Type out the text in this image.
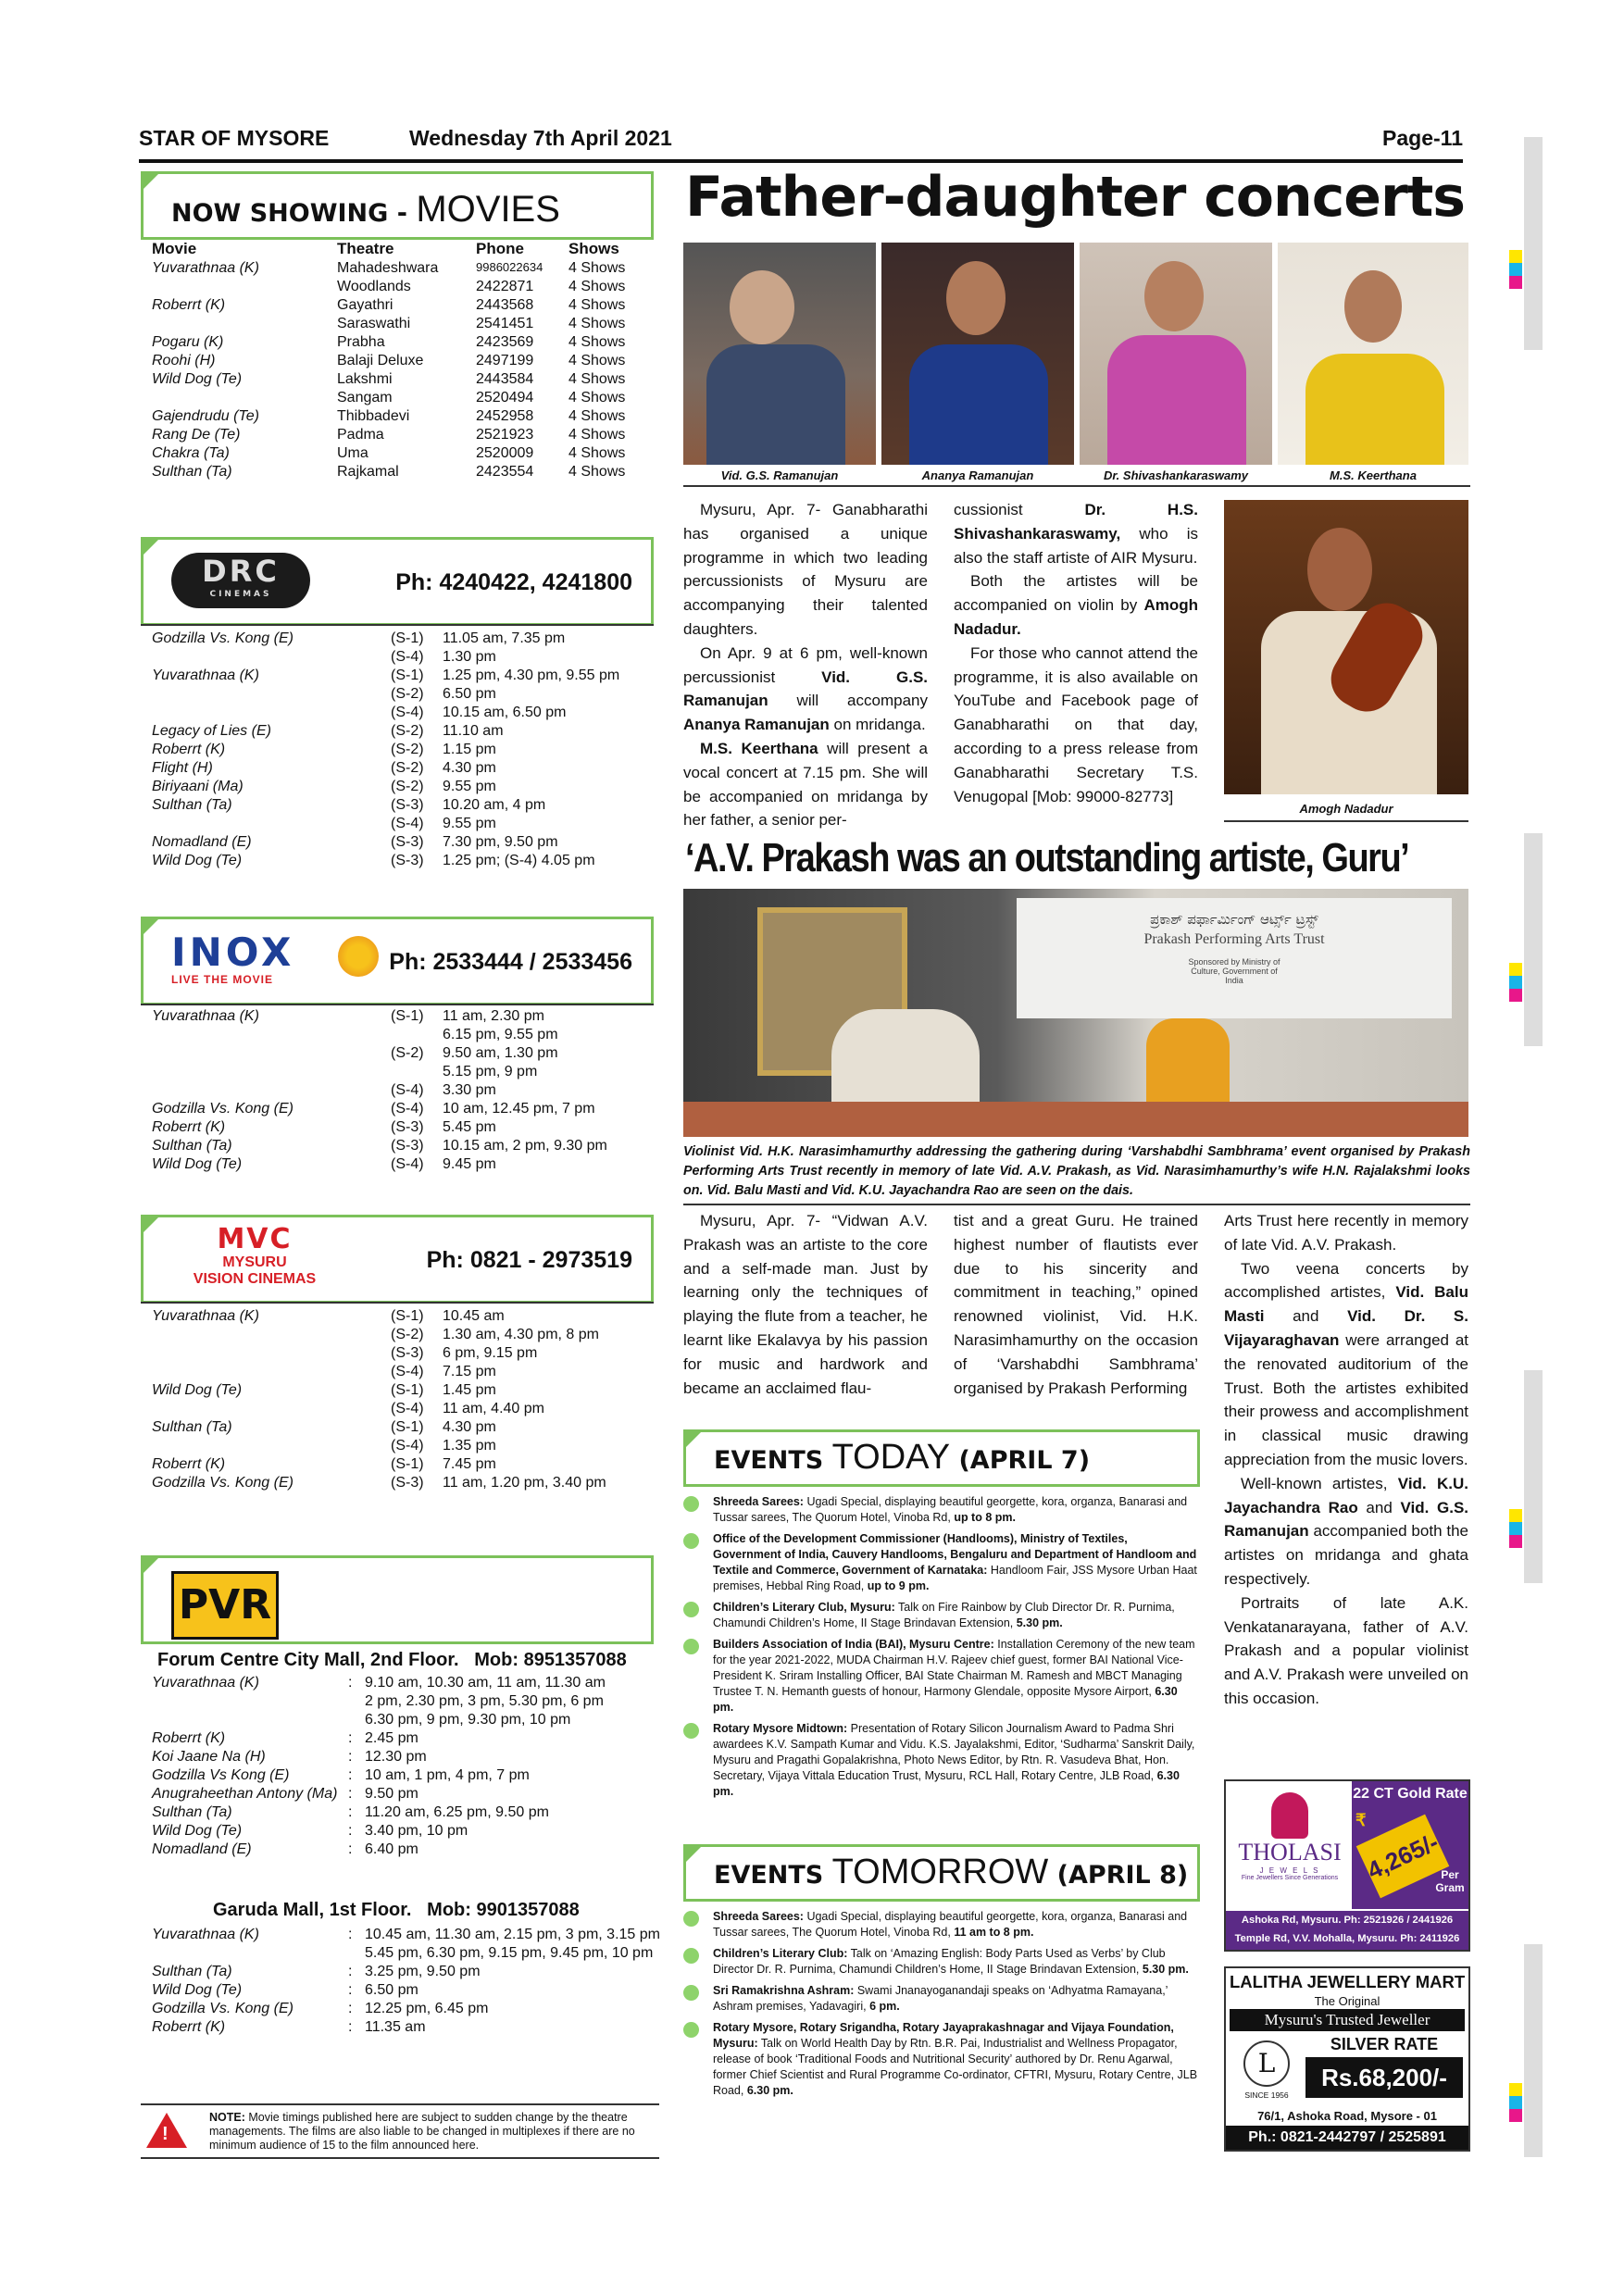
STAR OF MYSORE	Wednesday 7th April 2021	Page-11
NOW SHOWING - MOVIES
Movie	Theatre	Phone	Shows
Yuvarathnaa (K)	Mahadeshwara	9986022634	4 Shows
	Woodlands	2422871	4 Shows
Roberrt (K)	Gayathri	2443568	4 Shows
	Saraswathi	2541451	4 Shows
Pogaru (K)	Prabha	2423569	4 Shows
Roohi (H)	Balaji Deluxe	2497199	4 Shows
Wild Dog (Te)	Lakshmi	2443584	4 Shows
	Sangam	2520494	4 Shows
Gajendrudu (Te)	Thibbadevi	2452958	4 Shows
Rang De (Te)	Padma	2521923	4 Shows
Chakra (Ta)	Uma	2520009	4 Shows
Sulthan (Ta)	Rajkamal	2423554	4 Shows
DRC
CINEMAS	Ph: 4240422, 4241800
Godzilla Vs. Kong (E)	(S-1)	11.05 am, 7.35 pm
	(S-4)	1.30 pm
Yuvarathnaa (K)	(S-1)	1.25 pm, 4.30 pm, 9.55 pm
	(S-2)	6.50 pm
	(S-4)	10.15 am, 6.50 pm
Legacy of Lies (E)	(S-2)	11.10 am
Roberrt (K)	(S-2)	1.15 pm
Flight (H)	(S-2)	4.30 pm
Biriyaani (Ma)	(S-2)	9.55 pm
Sulthan (Ta)	(S-3)	10.20 am, 4 pm
	(S-4)	9.55 pm
Nomadland (E)	(S-3)	7.30 pm, 9.50 pm
Wild Dog (Te)	(S-3)	1.25 pm; (S-4) 4.05 pm
INOX
LIVE THE MOVIE
Ph: 2533444 / 2533456
Yuvarathnaa (K)	(S-1)	11 am, 2.30 pm
		6.15 pm, 9.55 pm
	(S-2)	9.50 am, 1.30 pm
		5.15 pm, 9 pm
	(S-4)	3.30 pm
Godzilla Vs. Kong (E)	(S-4)	10 am, 12.45 pm, 7 pm
Roberrt (K)	(S-3)	5.45 pm
Sulthan (Ta)	(S-3)	10.15 am, 2 pm, 9.30 pm
Wild Dog (Te)	(S-4)	9.45 pm
MVC
MYSURU
VISION CINEMAS
Ph: 0821 - 2973519
Yuvarathnaa (K)	(S-1)	10.45 am
	(S-2)	1.30 am, 4.30 pm, 8 pm
	(S-3)	6 pm, 9.15 pm
	(S-4)	7.15 pm
Wild Dog (Te)	(S-1)	1.45 pm
	(S-4)	11 am, 4.40 pm
Sulthan (Ta)	(S-1)	4.30 pm
	(S-4)	1.35 pm
Roberrt (K)	(S-1)	7.45 pm
Godzilla Vs. Kong (E)	(S-3)	11 am, 1.20 pm, 3.40 pm
PVR
Forum Centre City Mall, 2nd Floor.   Mob: 8951357088
Yuvarathnaa (K)	:	9.10 am, 10.30 am, 11 am, 11.30 am
		2 pm, 2.30 pm, 3 pm, 5.30 pm, 6 pm
		6.30 pm, 9 pm, 9.30 pm, 10 pm
Roberrt (K)	:	2.45 pm
Koi Jaane Na (H)	:	12.30 pm
Godzilla Vs Kong (E)	:	10 am, 1 pm, 4 pm, 7 pm
Anugraheethan Antony (Ma)	:	9.50 pm
Sulthan (Ta)	:	11.20 am, 6.25 pm, 9.50 pm
Wild Dog (Te)	:	3.40 pm, 10 pm
Nomadland (E)	:	6.40 pm
Garuda Mall, 1st Floor.   Mob: 9901357088
Yuvarathnaa (K)	:	10.45 am, 11.30 am, 2.15 pm, 3 pm, 3.15 pm
		5.45 pm, 6.30 pm, 9.15 pm, 9.45 pm, 10 pm
Sulthan (Ta)	:	3.25 pm, 9.50 pm
Wild Dog (Te)	:	6.50 pm
Godzilla Vs. Kong (E)	:	12.25 pm, 6.45 pm
Roberrt (K)	:	11.35 am
!
NOTE: Movie timings published here are subject to sudden change by the theatre managements. The films are also liable to be changed in multiplexes if there are no minimum audience of 15 to the film announced here.
Father-daughter concerts
Vid. G.S. Ramanujan	Ananya Ramanujan	Dr. Shivashankaraswamy	M.S. Keerthana
Mysuru, Apr. 7- Ganabharathi has organised a unique programme in which two leading percussionists of Mysuru are accompanying their talented daughters.
On Apr. 9 at 6 pm, well-known percussionist Vid. G.S. Ramanujan will accompany Ananya Ramanujan on mridanga.
M.S. Keerthana will present a vocal concert at 7.15 pm. She will be accompanied on mridanga by her father, a senior per-
cussionist Dr. H.S. Shivashankaraswamy, who is also the staff artiste of AIR Mysuru.
Both the artistes will be accompanied on violin by Amogh Nadadur.
For those who cannot attend the programme, it is also available on YouTube and Facebook page of Ganabharathi on that day, according to a press release from Ganabharathi Secretary T.S. Venugopal [Mob: 99000-82773]
Amogh Nadadur
‘A.V. Prakash was an outstanding artiste, Guru’
ಪ್ರಕಾಶ್ ಪರ್ಫಾರ್ಮಿಂಗ್ ಆರ್ಟ್ಸ್ ಟ್ರಸ್ಟ್
Prakash Performing Arts Trust
Sponsored by Ministry of Culture, Government of India
Violinist Vid. H.K. Narasimhamurthy addressing the gathering during ‘Varshabdhi Sambhrama’ event organised by Prakash Performing Arts Trust recently in memory of late Vid. A.V. Prakash, as Vid. Narasimhamurthy’s wife H.N. Rajalakshmi looks on. Vid. Balu Masti and Vid. K.U. Jayachandra Rao are seen on the dais.
Mysuru, Apr. 7- “Vidwan A.V. Prakash was an artiste to the core and a self-made man. Just by learning only the techniques of playing the flute from a teacher, he learnt like Ekalavya by his passion for music and hardwork and became an acclaimed flau-
tist and a great Guru. He trained highest number of flautists ever due to his sincerity and commitment in teaching,” opined renowned violinist, Vid. H.K. Narasimhamurthy on the occasion of ‘Varshabdhi Sambhrama’ organised by Prakash Performing
Arts Trust here recently in memory of late Vid. A.V. Prakash.
Two veena concerts by accomplished artistes, Vid. Balu Masti and Vid. Dr. S. Vijayaraghavan were arranged at the renovated auditorium of the Trust. Both the artistes exhibited their prowess and accomplishment in classical music drawing appreciation from the music lovers.
Well-known artistes, Vid. K.U. Jayachandra Rao and Vid. G.S. Ramanujan accompanied both the artistes on mridanga and ghata respectively.
Portraits of late A.K. Venkatanarayana, father of A.V. Prakash and a popular violinist and A.V. Prakash were unveiled on this occasion.
EVENTS TODAY (APRIL 7)
Shreeda Sarees: Ugadi Special, displaying beautiful georgette, kora, organza, Banarasi and Tussar sarees, The Quorum Hotel, Vinoba Rd, up to 8 pm.
Office of the Development Commissioner (Handlooms), Ministry of Textiles, Government of India, Cauvery Handlooms, Bengaluru and Department of Handloom and Textile and Commerce, Government of Karnataka: Handloom Fair, JSS Mysore Urban Haat premises, Hebbal Ring Road, up to 9 pm.
Children’s Literary Club, Mysuru: Talk on Fire Rainbow by Club Director Dr. R. Purnima, Chamundi Children’s Home, II Stage Brindavan Extension, 5.30 pm.
Builders Association of India (BAI), Mysuru Centre: Installation Ceremony of the new team for the year 2021-2022, MUDA Chairman H.V. Rajeev chief guest, former BAI National Vice-President K. Sriram Installing Officer, BAI State Chairman M. Ramesh and MBCT Managing Trustee T. N. Hemanth guests of honour, Harmony Glendale, opposite Mysore Airport, 6.30 pm.
Rotary Mysore Midtown: Presentation of Rotary Silicon Journalism Award to Padma Shri awardees K.V. Sampath Kumar and Vidu. K.S. Jayalakshmi, Editor, ‘Sudharma’ Sanskrit Daily, Mysuru and Pragathi Gopalakrishna, Photo News Editor, by Rtn. R. Vasudeva Bhat, Hon. Secretary, Vijaya Vittala Education Trust, Mysuru, RCL Hall, Rotary Centre, JLB Road, 6.30 pm.
EVENTS TOMORROW (APRIL 8)
Shreeda Sarees: Ugadi Special, displaying beautiful georgette, kora, organza, Banarasi and Tussar sarees, The Quorum Hotel, Vinoba Rd, 11 am to 8 pm.
Children’s Literary Club: Talk on ‘Amazing English: Body Parts Used as Verbs’ by Club Director Dr. R. Purnima, Chamundi Children’s Home, II Stage Brindavan Extension, 5.30 pm.
Sri Ramakrishna Ashram: Swami Jnanayoganandaji speaks on ‘Adhyatma Ramayana,’ Ashram premises, Yadavagiri, 6 pm.
Rotary Mysore, Rotary Srigandha, Rotary Jayaprakashnagar and Vijaya Foundation, Mysuru: Talk on World Health Day by Rtn. B.R. Pai, Industrialist and Wellness Propagator, release of book ‘Traditional Foods and Nutritional Security’ authored by Dr. Renu Agarwal, former Chief Scientist and Rural Programme Co-ordinator, CFTRI, Mysuru, Rotary Centre, JLB Road, 6.30 pm.
22 CT Gold Rate
THOLASI
J E W E L S
Fine Jewellers Since Generations
₹
4,265/-
Per Gram
Ashoka Rd, Mysuru. Ph: 2521926 / 2441926
Temple Rd, V.V. Mohalla, Mysuru. Ph: 2411926
LALITHA JEWELLERY MART
The Original
Mysuru's Trusted Jeweller
L
SINCE 1956
SILVER RATE
Rs.68,200/-
76/1, Ashoka Road, Mysore - 01
Ph.: 0821-2442797 / 2525891
